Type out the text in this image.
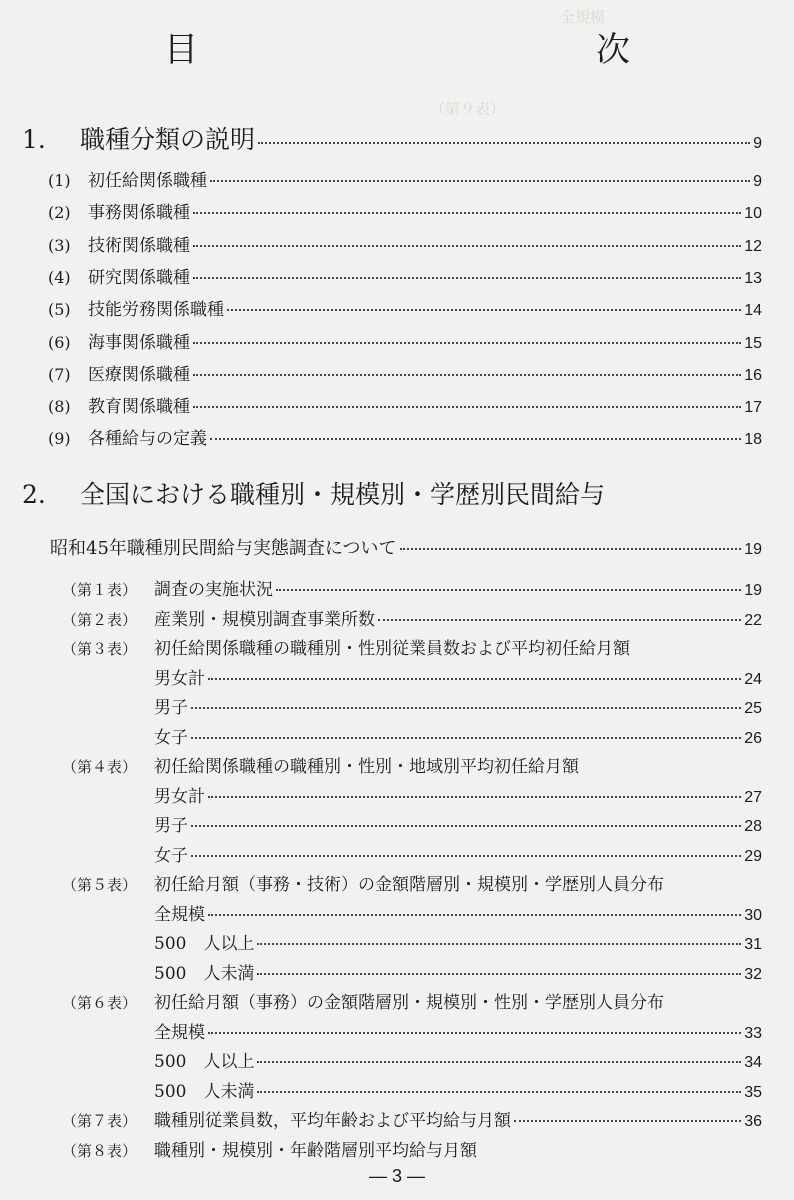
全規模
（第９表）
目　　次
1. 職種分類の説明	9
(1)	初任給関係職種	9
(2)	事務関係職種	10
(3)	技術関係職種	12
(4)	研究関係職種	13
(5)	技能労務関係職種	14
(6)	海事関係職種	15
(7)	医療関係職種	16
(8)	教育関係職種	17
(9)	各種給与の定義	18
2. 全国における職種別・規模別・学歴別民間給与
昭和45年職種別民間給与実態調査について	19
（第１表） 調査の実施状況	19
（第２表） 産業別・規模別調査事業所数	22
（第３表） 初任給関係職種の職種別・性別従業員数および平均初任給月額
男女計	24
男子	25
女子	26
（第４表） 初任給関係職種の職種別・性別・地域別平均初任給月額
男女計	27
男子	28
女子	29
（第５表） 初任給月額（事務・技術）の金額階層別・規模別・学歴別人員分布
全規模	30
500　人以上	31
500　人未満	32
（第６表） 初任給月額（事務）の金額階層別・規模別・性別・学歴別人員分布
全規模	33
500　人以上	34
500　人未満	35
（第７表） 職種別従業員数，平均年齢および平均給与月額	36
（第８表） 職種別・規模別・年齢階層別平均給与月額
— 3 —
